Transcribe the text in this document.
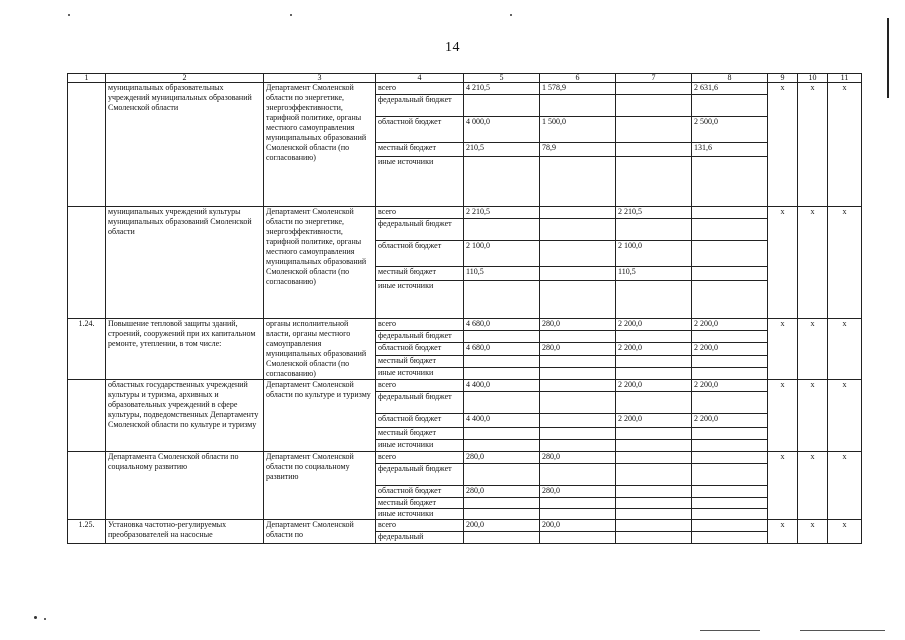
14
1	2	3	4	5	6	7	8	9	10	11
	муниципальных образовательных учреждений муниципальных образований Смоленской области	Департамент Смоленской области по энергетике, энергоэффективности, тарифной политике, органы местного самоуправления муниципальных образований Смоленской области (по согласованию)	всего	4 210,5	1 578,9		2 631,6	х	х	х
			федеральный бюджет							
			областной бюджет	4 000,0	1 500,0		2 500,0			
			местный бюджет	210,5	78,9		131,6			
			иные источники							
	муниципальных учреждений культуры муниципальных образований Смоленской области	Департамент Смоленской области по энергетике, энергоэффективности, тарифной политике, органы местного самоуправления муниципальных образований Смоленской области (по согласованию)	всего	2 210,5		2 210,5		х	х	х
			федеральный бюджет							
			областной бюджет	2 100,0		2 100,0				
			местный бюджет	110,5		110,5				
			иные источники							
1.24.	Повышение тепловой защиты зданий, строений, сооружений при их капитальном ремонте, утеплении, в том числе:	органы исполнительной власти, органы местного самоуправления муниципальных образований Смоленской области (по согласованию)	всего	4 680,0	280,0	2 200,0	2 200,0	х	х	х
			федеральный бюджет							
			областной бюджет	4 680,0	280,0	2 200,0	2 200,0			
			местный бюджет							
			иные источники							
	областных государственных учреждений культуры и туризма, архивных и образовательных учреждений в сфере культуры, подведомственных Департаменту Смоленской области по культуре и туризму	Департамент Смоленской области по культуре и туризму	всего	4 400,0		2 200,0	2 200,0	х	х	х
			федеральный бюджет							
			областной бюджет	4 400,0		2 200,0	2 200,0			
			местный бюджет							
			иные источники							
	Департамента Смоленской области по социальному развитию	Департамент Смоленской области по социальному развитию	всего	280,0	280,0			х	х	х
			федеральный бюджет							
			областной бюджет	280,0	280,0					
			местный бюджет							
			иные источники							
1.25.	Установка частотно-регулируемых преобразователей на насосные	Департамент Смоленской области по	всего	200,0	200,0			х	х	х
			федеральный							
